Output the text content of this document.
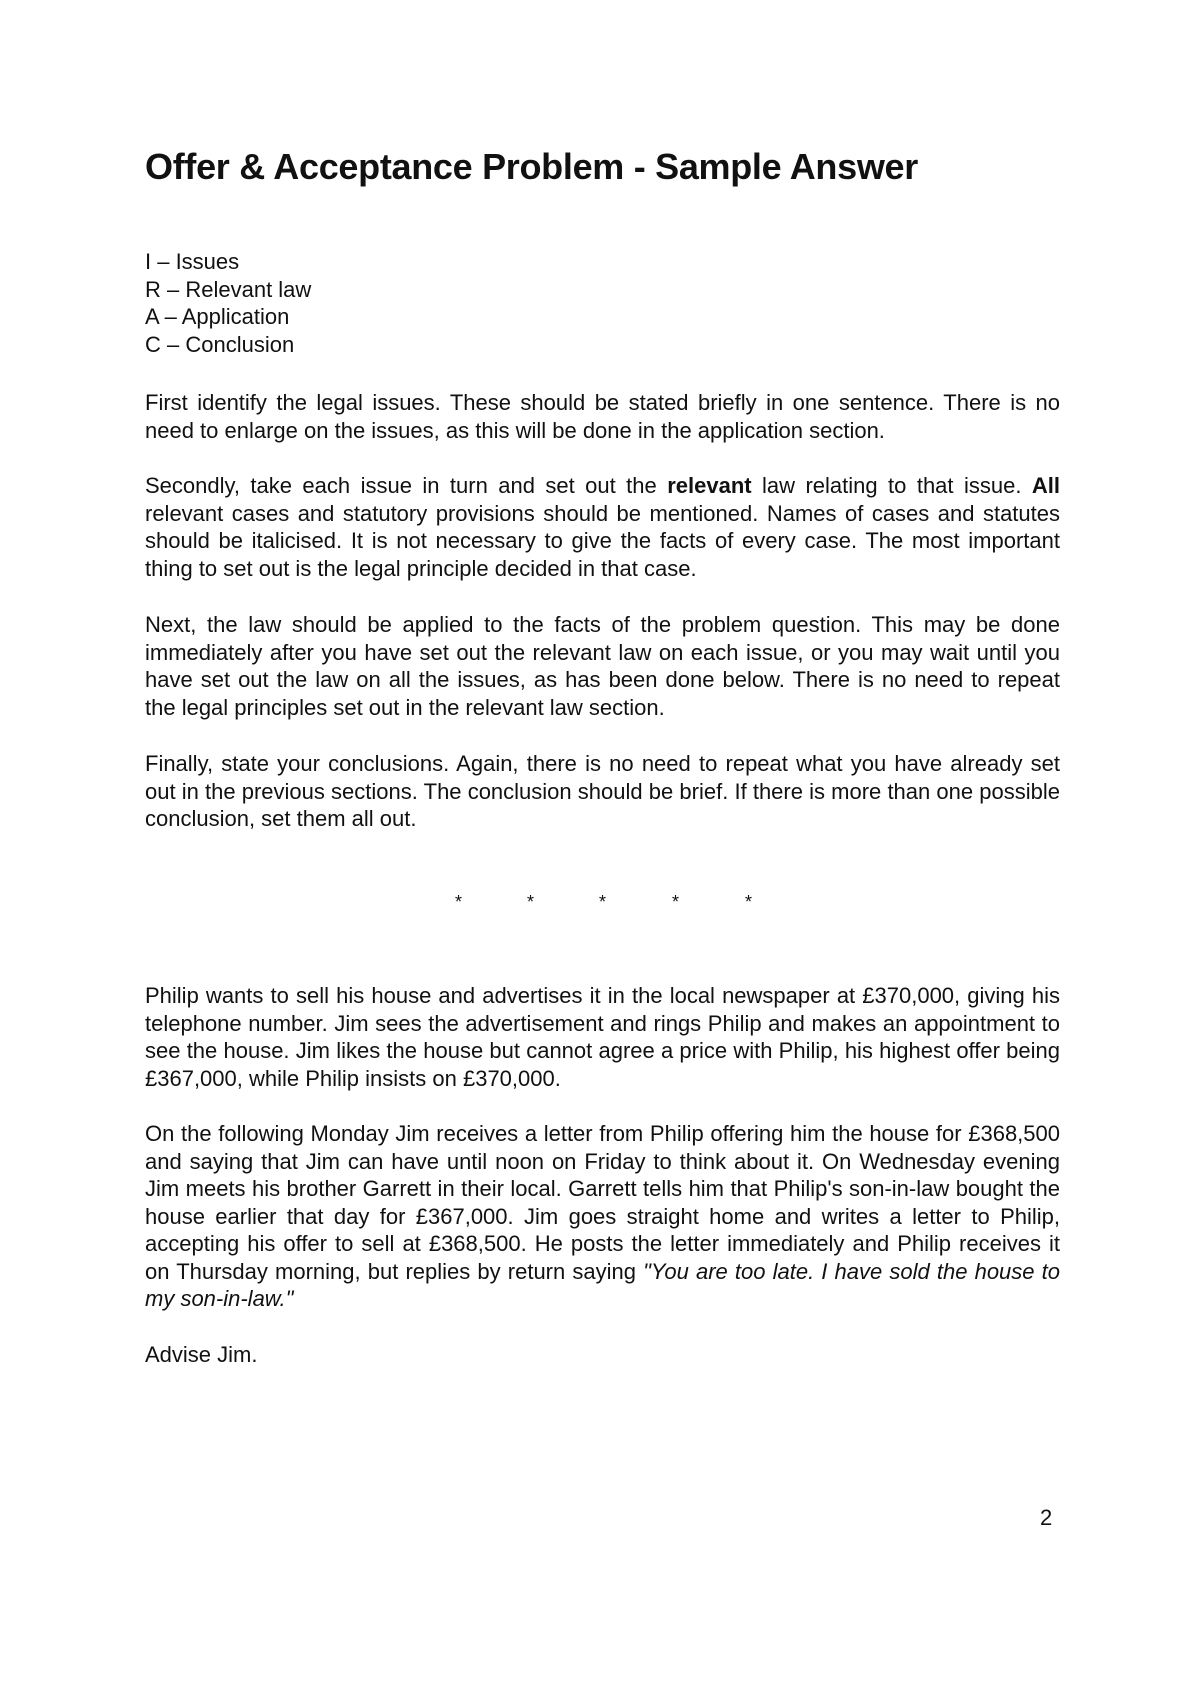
Offer & Acceptance Problem - Sample Answer
I – Issues
R – Relevant law
A – Application
C – Conclusion

First identify the legal issues. These should be stated briefly in one sentence. There is no need to enlarge on the issues, as this will be done in the application section.

Secondly, take each issue in turn and set out the relevant law relating to that issue. All relevant cases and statutory provisions should be mentioned. Names of cases and statutes should be italicised. It is not necessary to give the facts of every case. The most important thing to set out is the legal principle decided in that case.

Next, the law should be applied to the facts of the problem question. This may be done immediately after you have set out the relevant law on each issue, or you may wait until you have set out the law on all the issues, as has been done below. There is no need to repeat the legal principles set out in the relevant law section.

Finally, state your conclusions. Again, there is no need to repeat what you have already set out in the previous sections. The conclusion should be brief. If there is more than one possible conclusion, set them all out.

*	*	*	*	*

Philip wants to sell his house and advertises it in the local newspaper at £370,000, giving his telephone number. Jim sees the advertisement and rings Philip and makes an appointment to see the house. Jim likes the house but cannot agree a price with Philip, his highest offer being £367,000, while Philip insists on £370,000.

On the following Monday Jim receives a letter from Philip offering him the house for £368,500 and saying that Jim can have until noon on Friday to think about it. On Wednesday evening Jim meets his brother Garrett in their local. Garrett tells him that Philip's son-in-law bought the house earlier that day for £367,000. Jim goes straight home and writes a letter to Philip, accepting his offer to sell at £368,500. He posts the letter immediately and Philip receives it on Thursday morning, but replies by return saying "You are too late. I have sold the house to my son-in-law."

Advise Jim.

2
